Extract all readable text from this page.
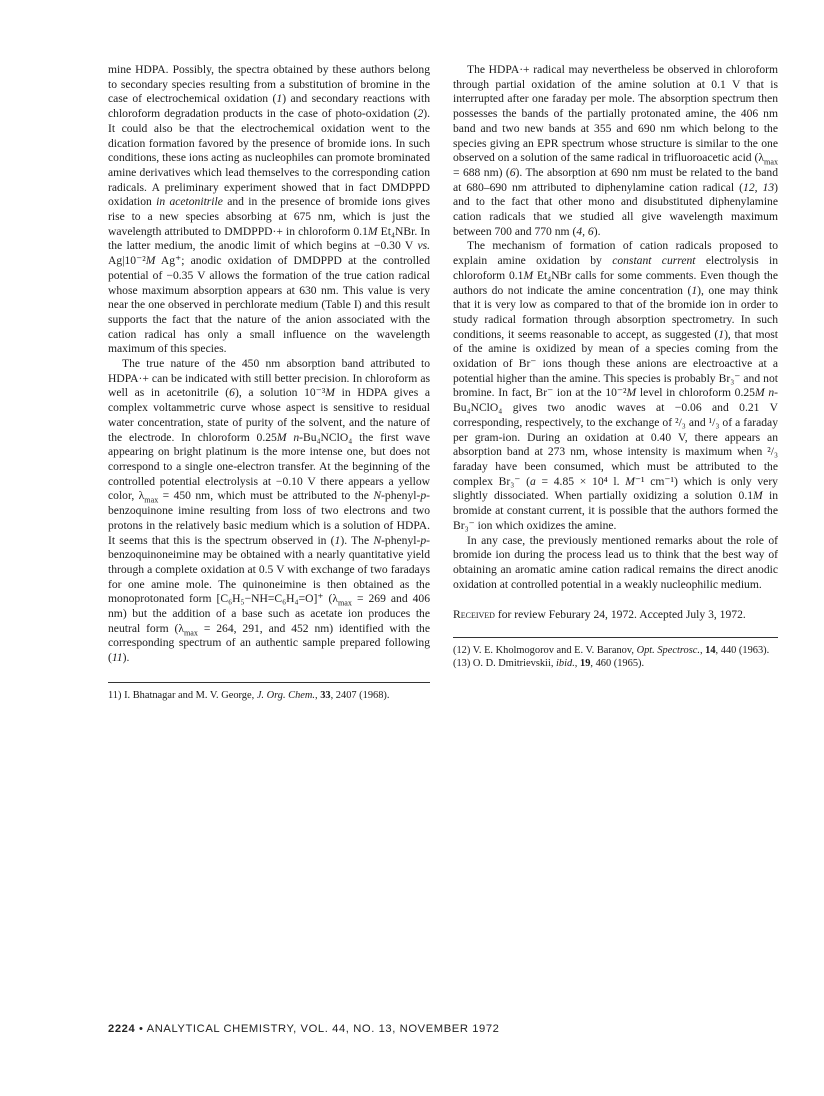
mine HDPA. Possibly, the spectra obtained by these authors belong to secondary species resulting from a substitution of bromine in the case of electrochemical oxidation (1) and secondary reactions with chloroform degradation products in the case of photo-oxidation (2). It could also be that the electrochemical oxidation went to the dication formation favored by the presence of bromide ions. In such conditions, these ions acting as nucleophiles can promote brominated amine derivatives which lead themselves to the corresponding cation radicals. A preliminary experiment showed that in fact DMDPPD oxidation in acetonitrile and in the presence of bromide ions gives rise to a new species absorbing at 675 nm, which is just the wavelength attributed to DMDPPD·+ in chloroform 0.1M Et₄NBr. In the latter medium, the anodic limit of which begins at −0.30 V vs. Ag|10⁻²M Ag⁺; anodic oxidation of DMDPPD at the controlled potential of −0.35 V allows the formation of the true cation radical whose maximum absorption appears at 630 nm. This value is very near the one observed in perchlorate medium (Table I) and this result supports the fact that the nature of the anion associated with the cation radical has only a small influence on the wavelength maximum of this species.

The true nature of the 450 nm absorption band attributed to HDPA·+ can be indicated with still better precision. In chloroform as well as in acetonitrile (6), a solution 10⁻³M in HDPA gives a complex voltammetric curve whose aspect is sensitive to residual water concentration, state of purity of the solvent, and the nature of the electrode. In chloroform 0.25M n-Bu₄NClO₄ the first wave appearing on bright platinum is the more intense one, but does not correspond to a single one-electron transfer. At the beginning of the controlled potential electrolysis at −0.10 V there appears a yellow color, $\lambda_{max} = 450$ nm, which must be attributed to the N-phenyl-p-benzoquinone imine resulting from loss of two electrons and two protons in the relatively basic medium which is a solution of HDPA. It seems that this is the spectrum observed in (1). The N-phenyl-p-benzoquinoneimine may be obtained with a nearly quantitative yield through a complete oxidation at 0.5 V with exchange of two faradays for one amine mole. The quinoneimine is then obtained as the monoprotonated form [C₆H₅−NH=C₆H₄=O]⁺ ($\lambda_{max} = 269$ and 406 nm) but the addition of a base such as acetate ion produces the neutral form ($\lambda_{max} = 264$, 291, and 452 nm) identified with the corresponding spectrum of an authentic sample prepared following (11).

11) I. Bhatnagar and M. V. George, J. Org. Chem., 33, 2407 (1968).

The HDPA·+ radical may nevertheless be observed in chloroform through partial oxidation of the amine solution at 0.1 V that is interrupted after one faraday per mole. The absorption spectrum then possesses the bands of the partially protonated amine, the 406 nm band and two new bands at 355 and 690 nm which belong to the species giving an EPR spectrum whose structure is similar to the one observed on a solution of the same radical in trifluoroacetic acid ($\lambda_{max} = 688$ nm) (6). The absorption at 690 nm must be related to the band at 680–690 nm attributed to diphenylamine cation radical (12, 13) and to the fact that other mono and disubstituted diphenylamine cation radicals that we studied all give wavelength maximum between 700 and 770 nm (4, 6).

The mechanism of formation of cation radicals proposed to explain amine oxidation by constant current electrolysis in chloroform 0.1M Et₄NBr calls for some comments. Even though the authors do not indicate the amine concentration (1), one may think that it is very low as compared to that of the bromide ion in order to study radical formation through absorption spectrometry. In such conditions, it seems reasonable to accept, as suggested (1), that most of the amine is oxidized by mean of a species coming from the oxidation of Br⁻ ions though these anions are electroactive at a potential higher than the amine. This species is probably Br₃⁻ and not bromine. In fact, Br⁻ ion at the 10⁻²M level in chloroform 0.25M n-Bu₄NClO₄ gives two anodic waves at −0.06 and 0.21 V corresponding, respectively, to the exchange of ²/₃ and ¹/₃ of a faraday per gram-ion. During an oxidation at 0.40 V, there appears an absorption band at 273 nm, whose intensity is maximum when ²/₃ faraday have been consumed, which must be attributed to the complex Br₃⁻ (a = 4.85 × 10⁴ l. M⁻¹ cm⁻¹) which is only very slightly dissociated. When partially oxidizing a solution 0.1M in bromide at constant current, it is possible that the authors formed the Br₃⁻ ion which oxidizes the amine.

In any case, the previously mentioned remarks about the role of bromide ion during the process lead us to think that the best way of obtaining an aromatic amine cation radical remains the direct anodic oxidation at controlled potential in a weakly nucleophilic medium.

Received for review Feburary 24, 1972. Accepted July 3, 1972.

(12) V. E. Kholmogorov and E. V. Baranov, Opt. Spectrosc., 14, 440 (1963).
(13) O. D. Dmitrievskii, ibid., 19, 460 (1965).
2224 • ANALYTICAL CHEMISTRY, VOL. 44, NO. 13, NOVEMBER 1972
